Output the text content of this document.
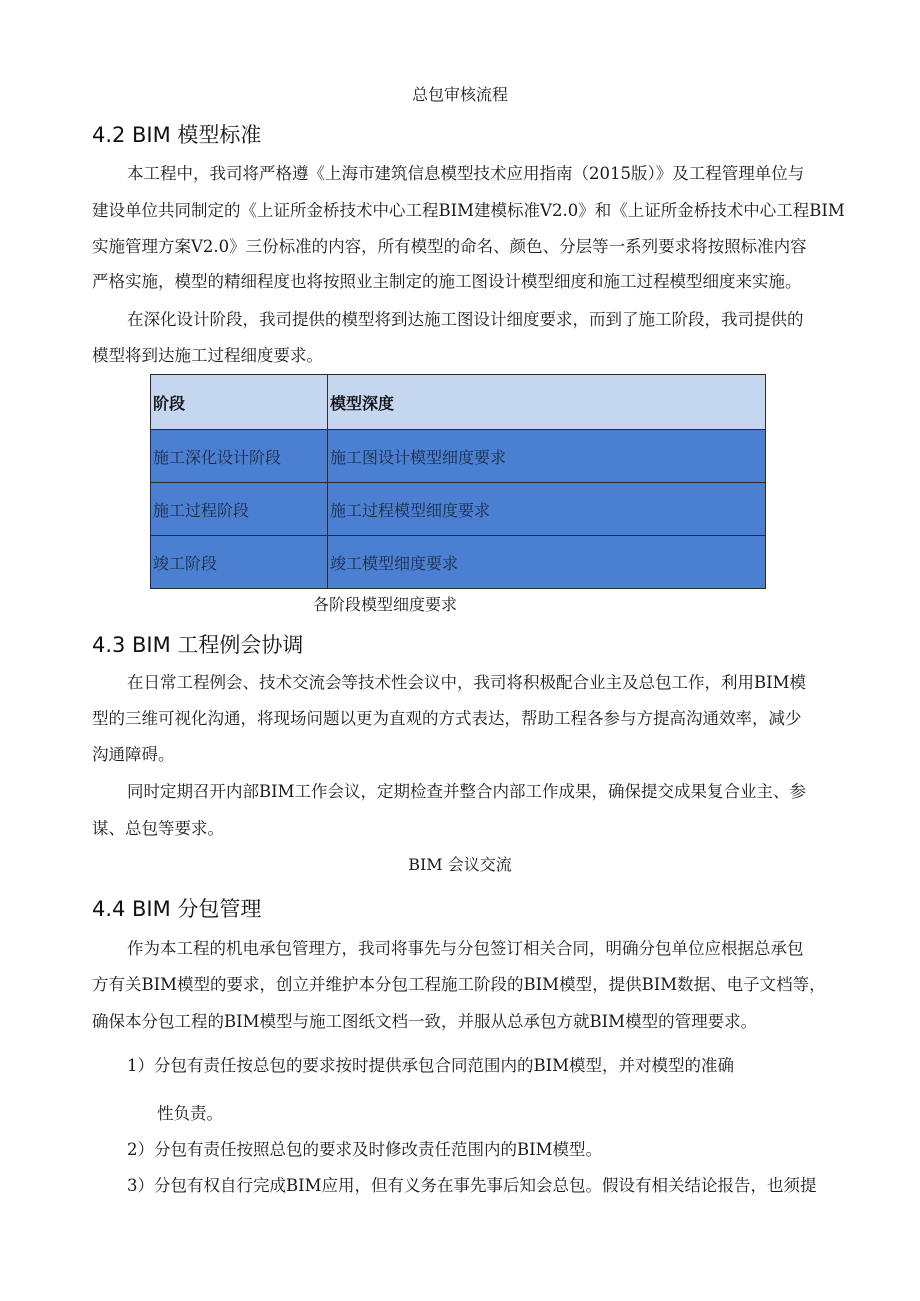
总包审核流程
4.2 BIM 模型标准
本工程中，我司将严格遵《上海市建筑信息模型技术应用指南（2015版）》及工程管理单位与
建设单位共同制定的《上证所金桥技术中心工程BIM建模标准V2.0》和《上证所金桥技术中心工程BIM
实施管理方案V2.0》三份标准的内容，所有模型的命名、颜色、分层等一系列要求将按照标准内容
严格实施，模型的精细程度也将按照业主制定的施工图设计模型细度和施工过程模型细度来实施。
在深化设计阶段，我司提供的模型将到达施工图设计细度要求，而到了施工阶段，我司提供的
模型将到达施工过程细度要求。
阶段	模型深度
施工深化设计阶段	施工图设计模型细度要求
施工过程阶段	施工过程模型细度要求
竣工阶段	竣工模型细度要求
各阶段模型细度要求
4.3 BIM 工程例会协调
在日常工程例会、技术交流会等技术性会议中，我司将积极配合业主及总包工作，利用BIM模
型的三维可视化沟通，将现场问题以更为直观的方式表达，帮助工程各参与方提高沟通效率，减少
沟通障碍。
同时定期召开内部BIM工作会议，定期检查并整合内部工作成果，确保提交成果复合业主、参
谋、总包等要求。
BIM 会议交流
4.4 BIM 分包管理
作为本工程的机电承包管理方，我司将事先与分包签订相关合同，明确分包单位应根据总承包
方有关BIM模型的要求，创立并维护本分包工程施工阶段的BIM模型，提供BIM数据、电子文档等，
确保本分包工程的BIM模型与施工图纸文档一致，并服从总承包方就BIM模型的管理要求。
1）分包有责任按总包的要求按时提供承包合同范围内的BIM模型，并对模型的准确
性负责。
2）分包有责任按照总包的要求及时修改责任范围内的BIM模型。
3）分包有权自行完成BIM应用，但有义务在事先事后知会总包。假设有相关结论报告，也须提
